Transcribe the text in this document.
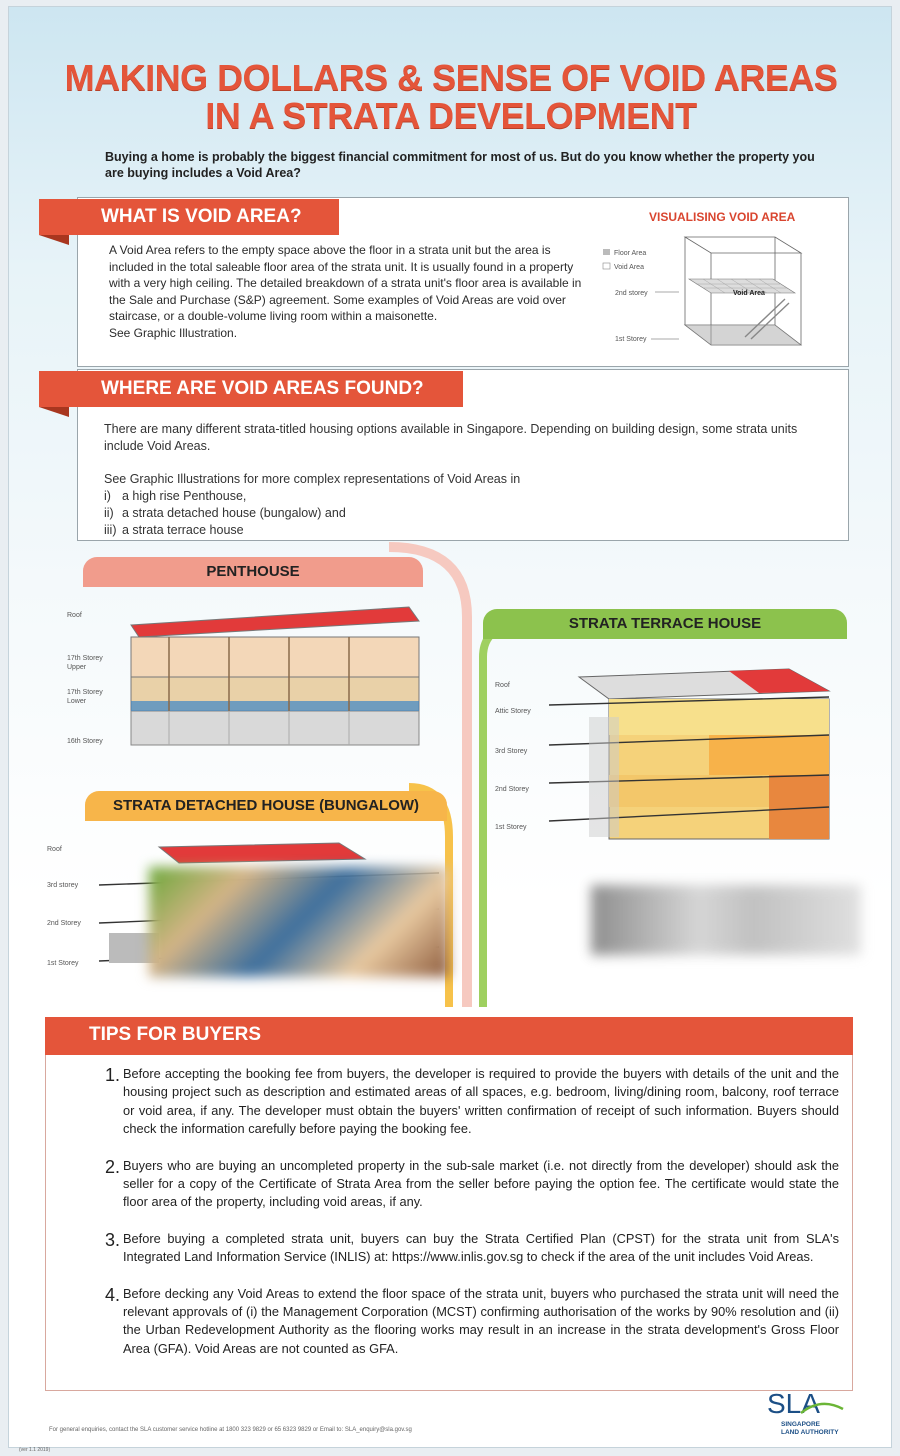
MAKING DOLLARS & SENSE OF VOID AREAS
IN A STRATA DEVELOPMENT
Buying a home is probably the biggest financial commitment for most of us. But do you know whether the property you are buying includes a Void Area?
WHAT IS VOID AREA?
A Void Area refers to the empty space above the floor in a strata unit but the area is included in the total saleable floor area of the strata unit. It is usually found in a property with a very high ceiling. The detailed breakdown of a strata unit's floor area is available in the Sale and Purchase (S&P) agreement. Some examples of Void Areas are void over staircase, or a double-volume living room within a maisonette.
See Graphic Illustration.
VISUALISING VOID AREA
Floor Area
Void Area
2nd storey
1st Storey
Void Area
WHERE ARE VOID AREAS FOUND?

There are many different strata-titled housing options available in Singapore. Depending on building design, some strata units include Void Areas.

See Graphic Illustrations for more complex representations of Void Areas in
i) a high rise Penthouse,
ii) a strata detached house (bungalow) and
iii) a strata terrace house
PENTHOUSE
Roof
17th Storey
Upper
17th Storey
Lower
16th Storey
STRATA TERRACE HOUSE
Roof
Attic Storey
3rd Storey
2nd Storey
1st Storey
STRATA DETACHED HOUSE (BUNGALOW)
Roof
3rd storey
2nd Storey
1st Storey
TIPS FOR BUYERS
1. Before accepting the booking fee from buyers, the developer is required to provide the buyers with details of the unit and the housing project such as description and estimated areas of all spaces, e.g. bedroom, living/dining room, balcony, roof terrace or void area, if any. The developer must obtain the buyers' written confirmation of receipt of such information. Buyers should check the information carefully before paying the booking fee.
2. Buyers who are buying an uncompleted property in the sub-sale market (i.e. not directly from the developer) should ask the seller for a copy of the Certificate of Strata Area from the seller before paying the option fee. The certificate would state the floor area of the property, including void areas, if any.
3. Before buying a completed strata unit, buyers can buy the Strata Certified Plan (CPST) for the strata unit from SLA's Integrated Land Information Service (INLIS) at: https://www.inlis.gov.sg to check if the area of the unit includes Void Areas.
4. Before decking any Void Areas to extend the floor space of the strata unit, buyers who purchased the strata unit will need the relevant approvals of (i) the Management Corporation (MCST) confirming authorisation of the works by 90% resolution and (ii) the Urban Redevelopment Authority as the flooring works may result in an increase in the strata development's Gross Floor Area (GFA). Void Areas are not counted as GFA.
For general enquiries, contact the SLA customer service hotline at 1800 323 9829 or 65 6323 9829 or Email to: SLA_enquiry@sla.gov.sg
(ver 1.1 2019)
SLA
SINGAPORE
LAND AUTHORITY
